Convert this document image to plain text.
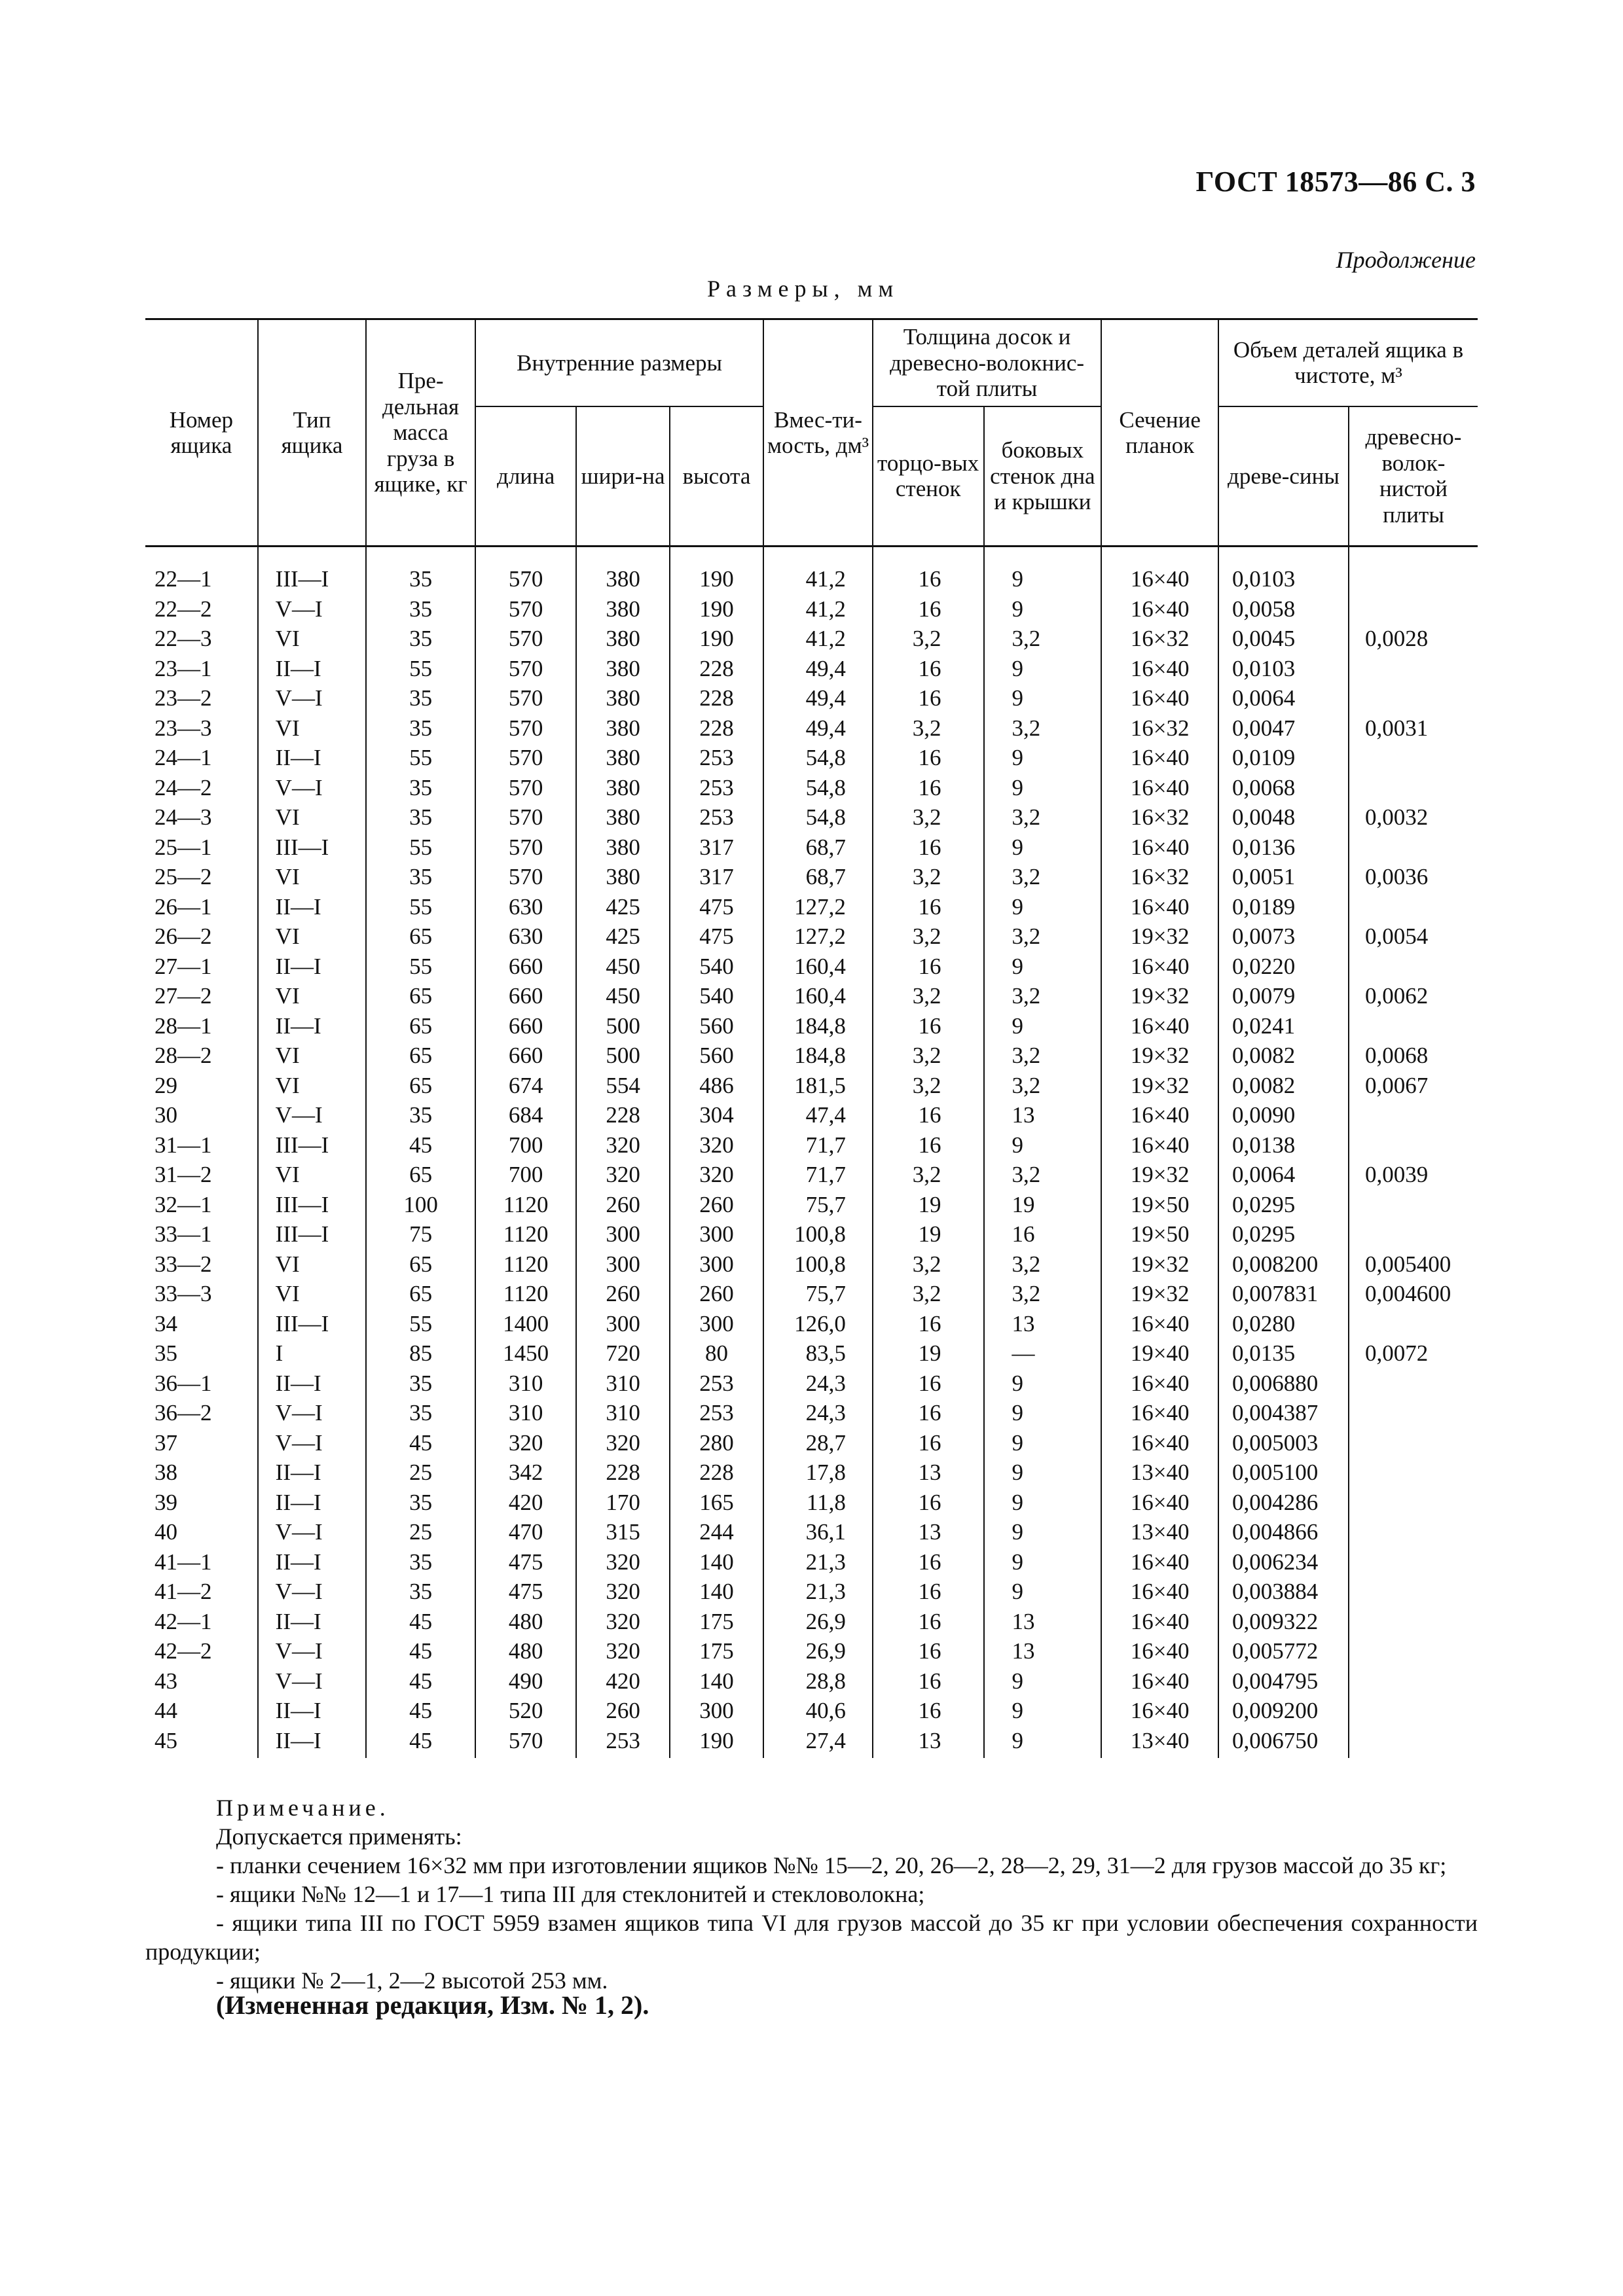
ГОСТ 18573—86 С. 3
Продолжение
Размеры, мм
Номер ящика	Тип ящика	Пре-дельная масса груза в ящике, кг	Внутренние размеры			Вмес-ти-мость, дм³	Толщина досок и древесно-волокнис-той плиты		Сечение планок	Объем деталей ящика в чистоте, м³	
			длина	шири-на	высота		торцо-вых стенок	боковых стенок дна и крышки		древе-сины	древесно-волок-нистой плиты
22—1	III—I	35	570	380	190	41,2	16	9	16×40	0,0103	
22—2	V—I	35	570	380	190	41,2	16	9	16×40	0,0058	
22—3	VI	35	570	380	190	41,2	3,2	3,2	16×32	0,0045	0,0028
23—1	II—I	55	570	380	228	49,4	16	9	16×40	0,0103	
23—2	V—I	35	570	380	228	49,4	16	9	16×40	0,0064	
23—3	VI	35	570	380	228	49,4	3,2	3,2	16×32	0,0047	0,0031
24—1	II—I	55	570	380	253	54,8	16	9	16×40	0,0109	
24—2	V—I	35	570	380	253	54,8	16	9	16×40	0,0068	
24—3	VI	35	570	380	253	54,8	3,2	3,2	16×32	0,0048	0,0032
25—1	III—I	55	570	380	317	68,7	16	9	16×40	0,0136	
25—2	VI	35	570	380	317	68,7	3,2	3,2	16×32	0,0051	0,0036
26—1	II—I	55	630	425	475	127,2	16	9	16×40	0,0189	
26—2	VI	65	630	425	475	127,2	3,2	3,2	19×32	0,0073	0,0054
27—1	II—I	55	660	450	540	160,4	16	9	16×40	0,0220	
27—2	VI	65	660	450	540	160,4	3,2	3,2	19×32	0,0079	0,0062
28—1	II—I	65	660	500	560	184,8	16	9	16×40	0,0241	
28—2	VI	65	660	500	560	184,8	3,2	3,2	19×32	0,0082	0,0068
29	VI	65	674	554	486	181,5	3,2	3,2	19×32	0,0082	0,0067
30	V—I	35	684	228	304	47,4	16	13	16×40	0,0090	
31—1	III—I	45	700	320	320	71,7	16	9	16×40	0,0138	
31—2	VI	65	700	320	320	71,7	3,2	3,2	19×32	0,0064	0,0039
32—1	III—I	100	1120	260	260	75,7	19	19	19×50	0,0295	
33—1	III—I	75	1120	300	300	100,8	19	16	19×50	0,0295	
33—2	VI	65	1120	300	300	100,8	3,2	3,2	19×32	0,008200	0,005400
33—3	VI	65	1120	260	260	75,7	3,2	3,2	19×32	0,007831	0,004600
34	III—I	55	1400	300	300	126,0	16	13	16×40	0,0280	
35	I	85	1450	720	80	83,5	19	—	19×40	0,0135	0,0072
36—1	II—I	35	310	310	253	24,3	16	9	16×40	0,006880	
36—2	V—I	35	310	310	253	24,3	16	9	16×40	0,004387	
37	V—I	45	320	320	280	28,7	16	9	16×40	0,005003	
38	II—I	25	342	228	228	17,8	13	9	13×40	0,005100	
39	II—I	35	420	170	165	11,8	16	9	16×40	0,004286	
40	V—I	25	470	315	244	36,1	13	9	13×40	0,004866	
41—1	II—I	35	475	320	140	21,3	16	9	16×40	0,006234	
41—2	V—I	35	475	320	140	21,3	16	9	16×40	0,003884	
42—1	II—I	45	480	320	175	26,9	16	13	16×40	0,009322	
42—2	V—I	45	480	320	175	26,9	16	13	16×40	0,005772	
43	V—I	45	490	420	140	28,8	16	9	16×40	0,004795	
44	II—I	45	520	260	300	40,6	16	9	16×40	0,009200	
45	II—I	45	570	253	190	27,4	13	9	13×40	0,006750	

Примечание.

Допускается применять:

- планки сечением 16×32 мм при изготовлении ящиков №№ 15—2, 20, 26—2, 28—2, 29, 31—2 для грузов массой до 35 кг;

- ящики №№ 12—1 и 17—1 типа III для стеклонитей и стекловолокна;

- ящики типа III по ГОСТ 5959 взамен ящиков типа VI для грузов массой до 35 кг при условии обеспечения сохранности продукции;

- ящики № 2—1, 2—2 высотой 253 мм.

(Измененная редакция, Изм. № 1, 2).
